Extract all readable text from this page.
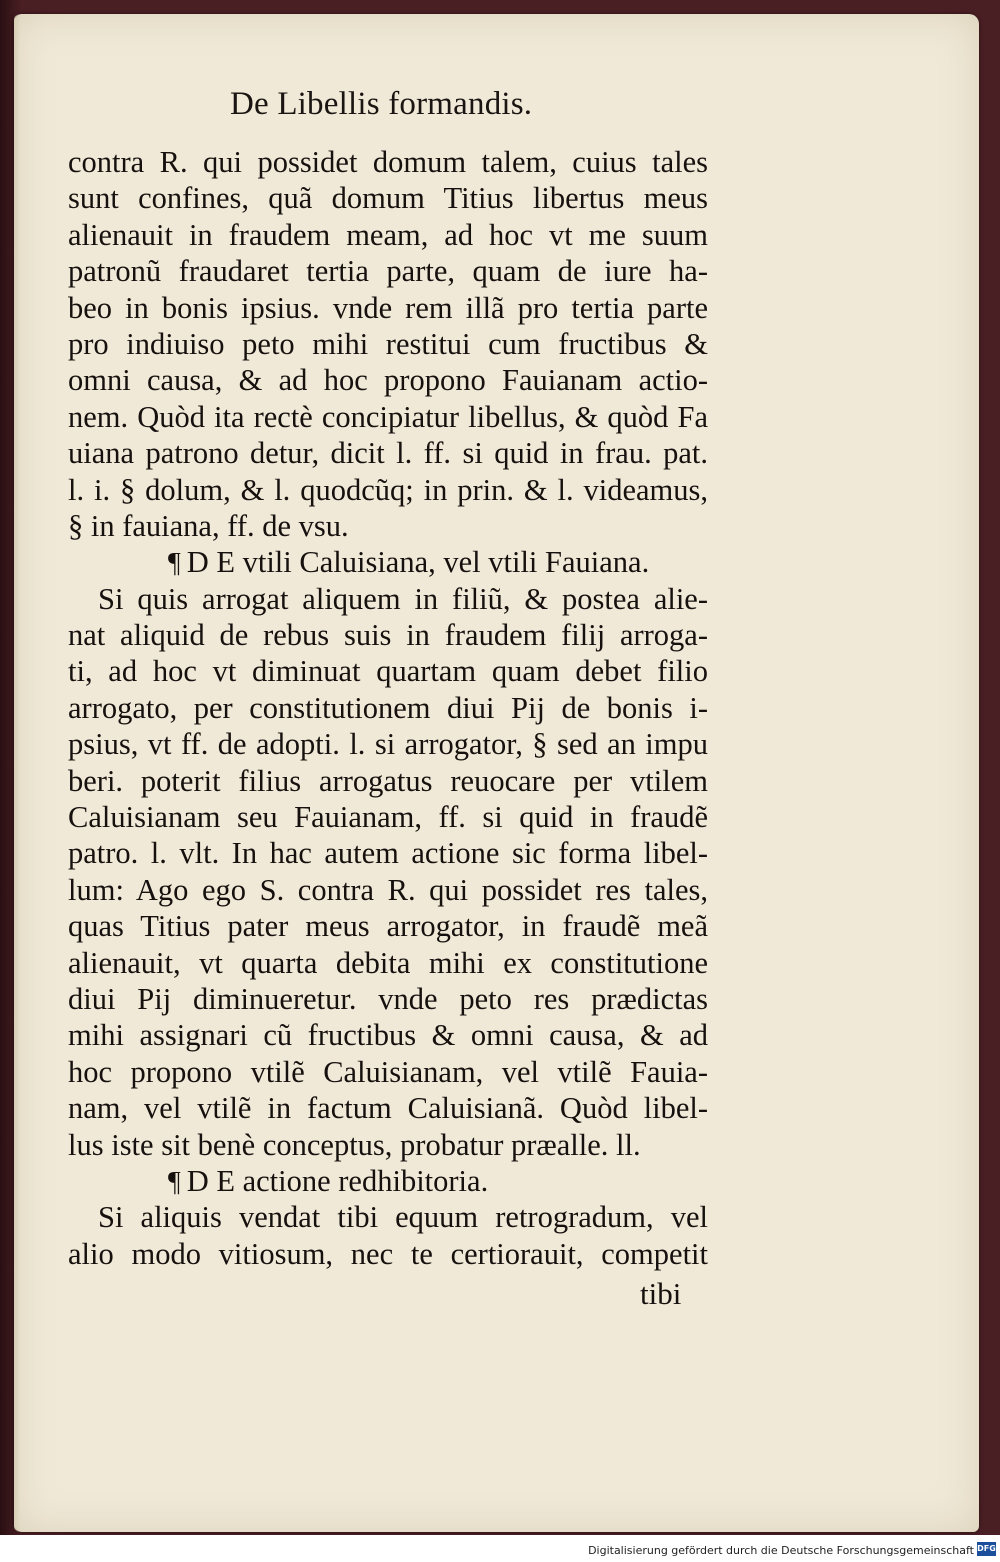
De Libellis formandis.
contra R. qui possidet domum talem, cuius tales
sunt confines, quã domum Titius libertus meus
alienauit in fraudem meam, ad hoc vt me suum
patronũ fraudaret tertia parte, quam de iure ha-
beo in bonis ipsius. vnde rem illã pro tertia parte
pro indiuiso peto mihi restitui cum fructibus &
omni causa, & ad hoc propono Fauianam actio-
nem. Quòd ita rectè concipiatur libellus, & quòd Fa
uiana patrono detur, dicit l. ff. si quid in frau. pat.
l. i. § dolum, & l. quodcũq; in prin. & l. videamus,
§ in fauiana, ff. de vsu.
¶ D E vtili Caluisiana, vel vtili Fauiana.
Si quis arrogat aliquem in filiũ, & postea alie-
nat aliquid de rebus suis in fraudem filij arroga-
ti, ad hoc vt diminuat quartam quam debet filio
arrogato, per constitutionem diui Pij de bonis i-
psius, vt ff. de adopti. l. si arrogator, § sed an impu
beri. poterit filius arrogatus reuocare per vtilem
Caluisianam seu Fauianam, ff. si quid in fraudẽ
patro. l. vlt. In hac autem actione sic forma libel-
lum: Ago ego S. contra R. qui possidet res tales,
quas Titius pater meus arrogator, in fraudẽ meã
alienauit, vt quarta debita mihi ex constitutione
diui Pij diminueretur. vnde peto res prædictas
mihi assignari cũ fructibus & omni causa, & ad
hoc propono vtilẽ Caluisianam, vel vtilẽ Fauia-
nam, vel vtilẽ in factum Caluisianã. Quòd libel-
lus iste sit benè conceptus, probatur præalle. ll.
¶ D E actione redhibitoria.
Si aliquis vendat tibi equum retrogradum, vel
alio modo vitiosum, nec te certiorauit, competit
tibi
Digitalisierung gefördert durch die Deutsche Forschungsgemeinschaft DFG
